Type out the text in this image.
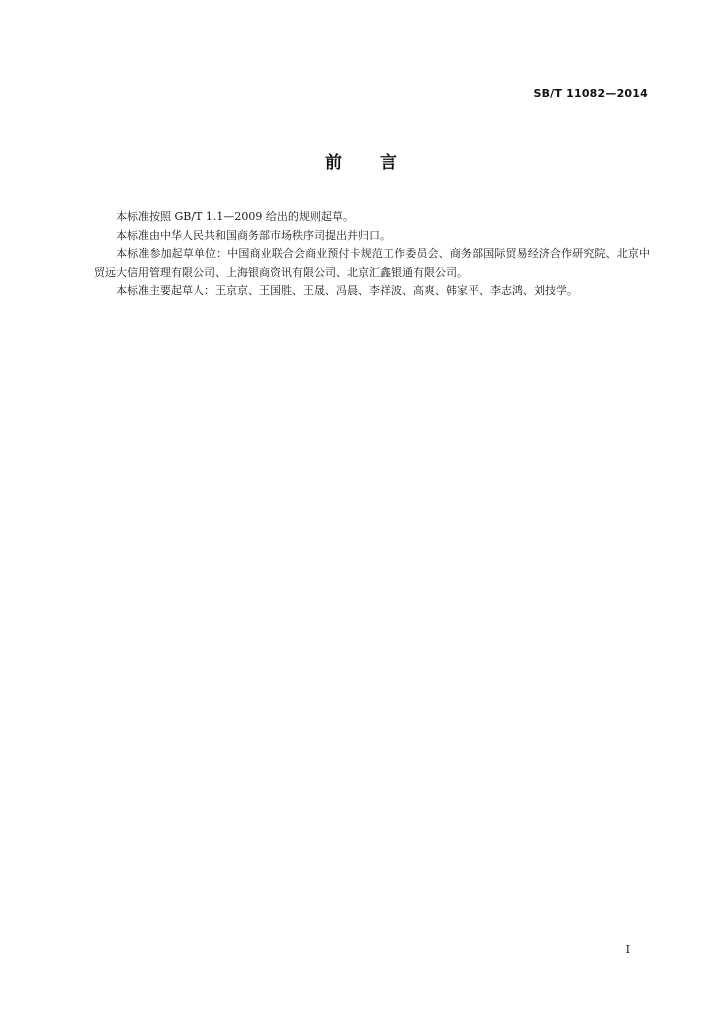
SB/T 11082—2014
前言

本标准按照 GB/T 1.1—2009 给出的规则起草。

本标准由中华人民共和国商务部市场秩序司提出并归口。

本标准参加起草单位：中国商业联合会商业预付卡规范工作委员会、商务部国际贸易经济合作研究院、北京中贸远大信用管理有限公司、上海银商资讯有限公司、北京汇鑫银通有限公司。

本标准主要起草人：王京京、王国胜、王晟、冯晨、李祥波、高爽、韩家平、李志鸿、刘技学。

I
